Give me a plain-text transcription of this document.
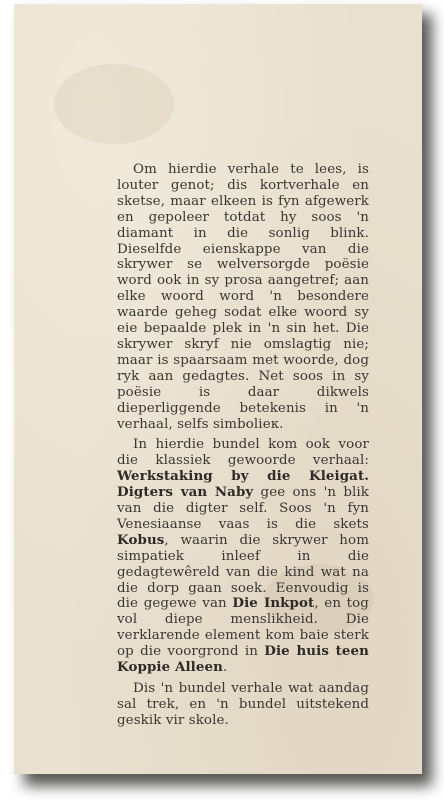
Om hierdie verhale te lees, is louter genot; dis kortverhale en sketse, maar elkeen is fyn afgewerk en gepoleer totdat hy soos 'n diamant in die sonlig blink. Dieselfde eienskappe van die skrywer se welversorgde poësie word ook in sy prosa aangetref; aan elke woord word 'n besondere waarde geheg sodat elke woord sy eie bepaalde plek in 'n sin het. Die skrywer skryf nie omslagtig nie; maar is spaarsaam met woorde, dog ryk aan gedagtes. Net soos in sy poësie is daar dikwels dieperliggende betekenis in 'n verhaal, selfs simbolieк.

In hierdie bundel kom ook voor die klassiek gewoorde verhaal: Werkstaking by die Kleigat. Digters van Naby gee ons 'n blik van die digter self. Soos 'n fyn Venesiaanse vaas is die skets Kobus, waarin die skrywer hom simpatiek inleef in die gedagtewêreld van die kind wat na die dorp gaan soek. Eenvoudig is die gegewe van Die Inkpot, en tog vol diepe menslikheid. Die verklarende element kom baie sterk op die voorgrond in Die huis teen Koppie Alleen.

Dis 'n bundel verhale wat aandag sal trek, en 'n bundel uitstekend geskik vir skole.
